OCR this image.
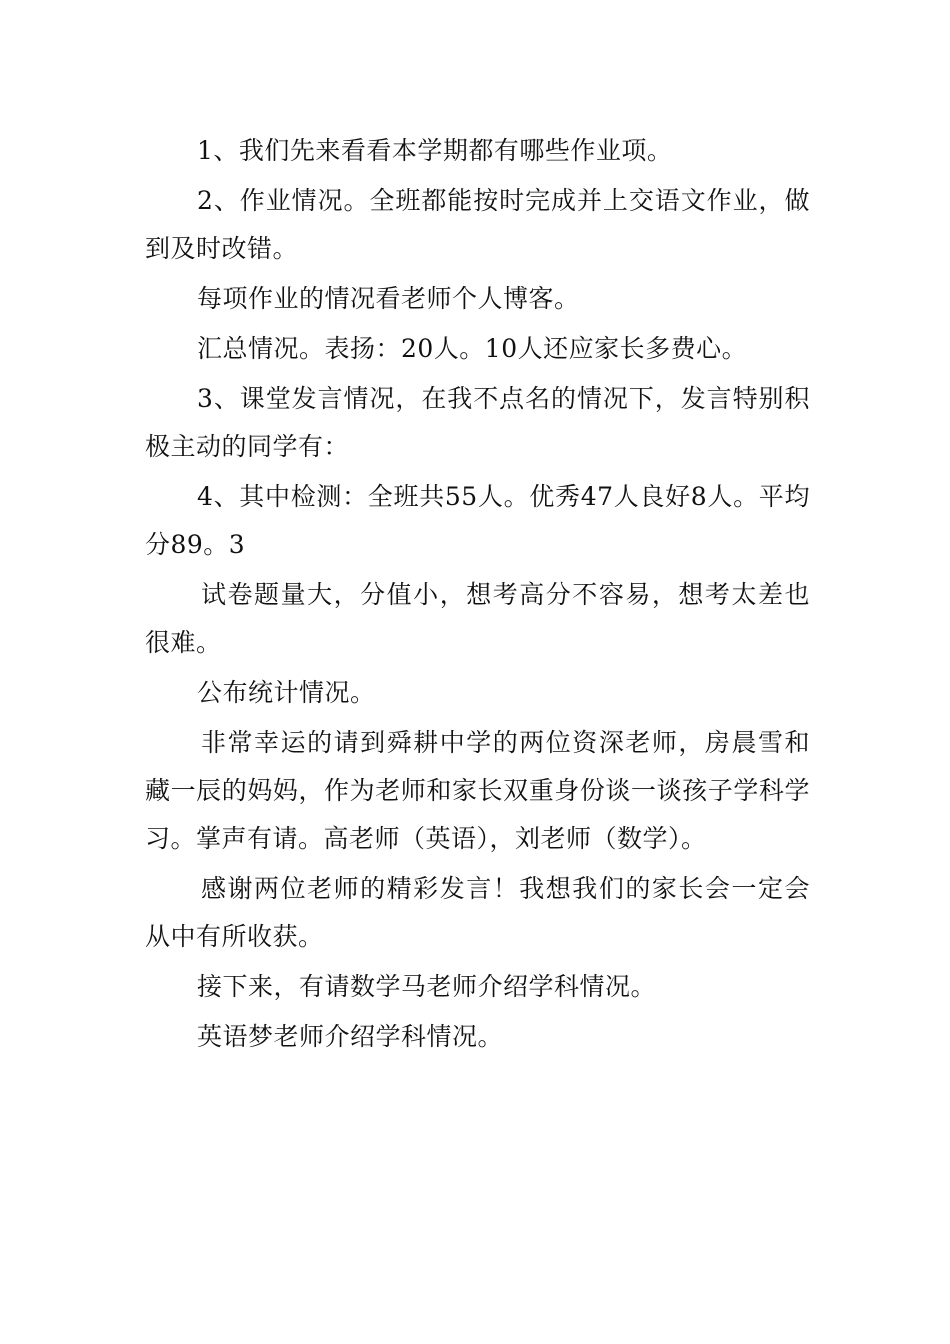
1、我们先来看看本学期都有哪些作业项。

2、作业情况。全班都能按时完成并上交语文作业，做到及时改错。

每项作业的情况看老师个人博客。

汇总情况。表扬：20人。10人还应家长多费心。

3、课堂发言情况，在我不点名的情况下，发言特别积极主动的同学有：

4、其中检测：全班共55人。优秀47人良好8人。平均分89。3

试卷题量大，分值小，想考高分不容易，想考太差也很难。

公布统计情况。

非常幸运的请到舜耕中学的两位资深老师，房晨雪和藏一辰的妈妈，作为老师和家长双重身份谈一谈孩子学科学习。掌声有请。高老师（英语），刘老师（数学）。

感谢两位老师的精彩发言！我想我们的家长会一定会从中有所收获。

接下来，有请数学马老师介绍学科情况。

英语梦老师介绍学科情况。
